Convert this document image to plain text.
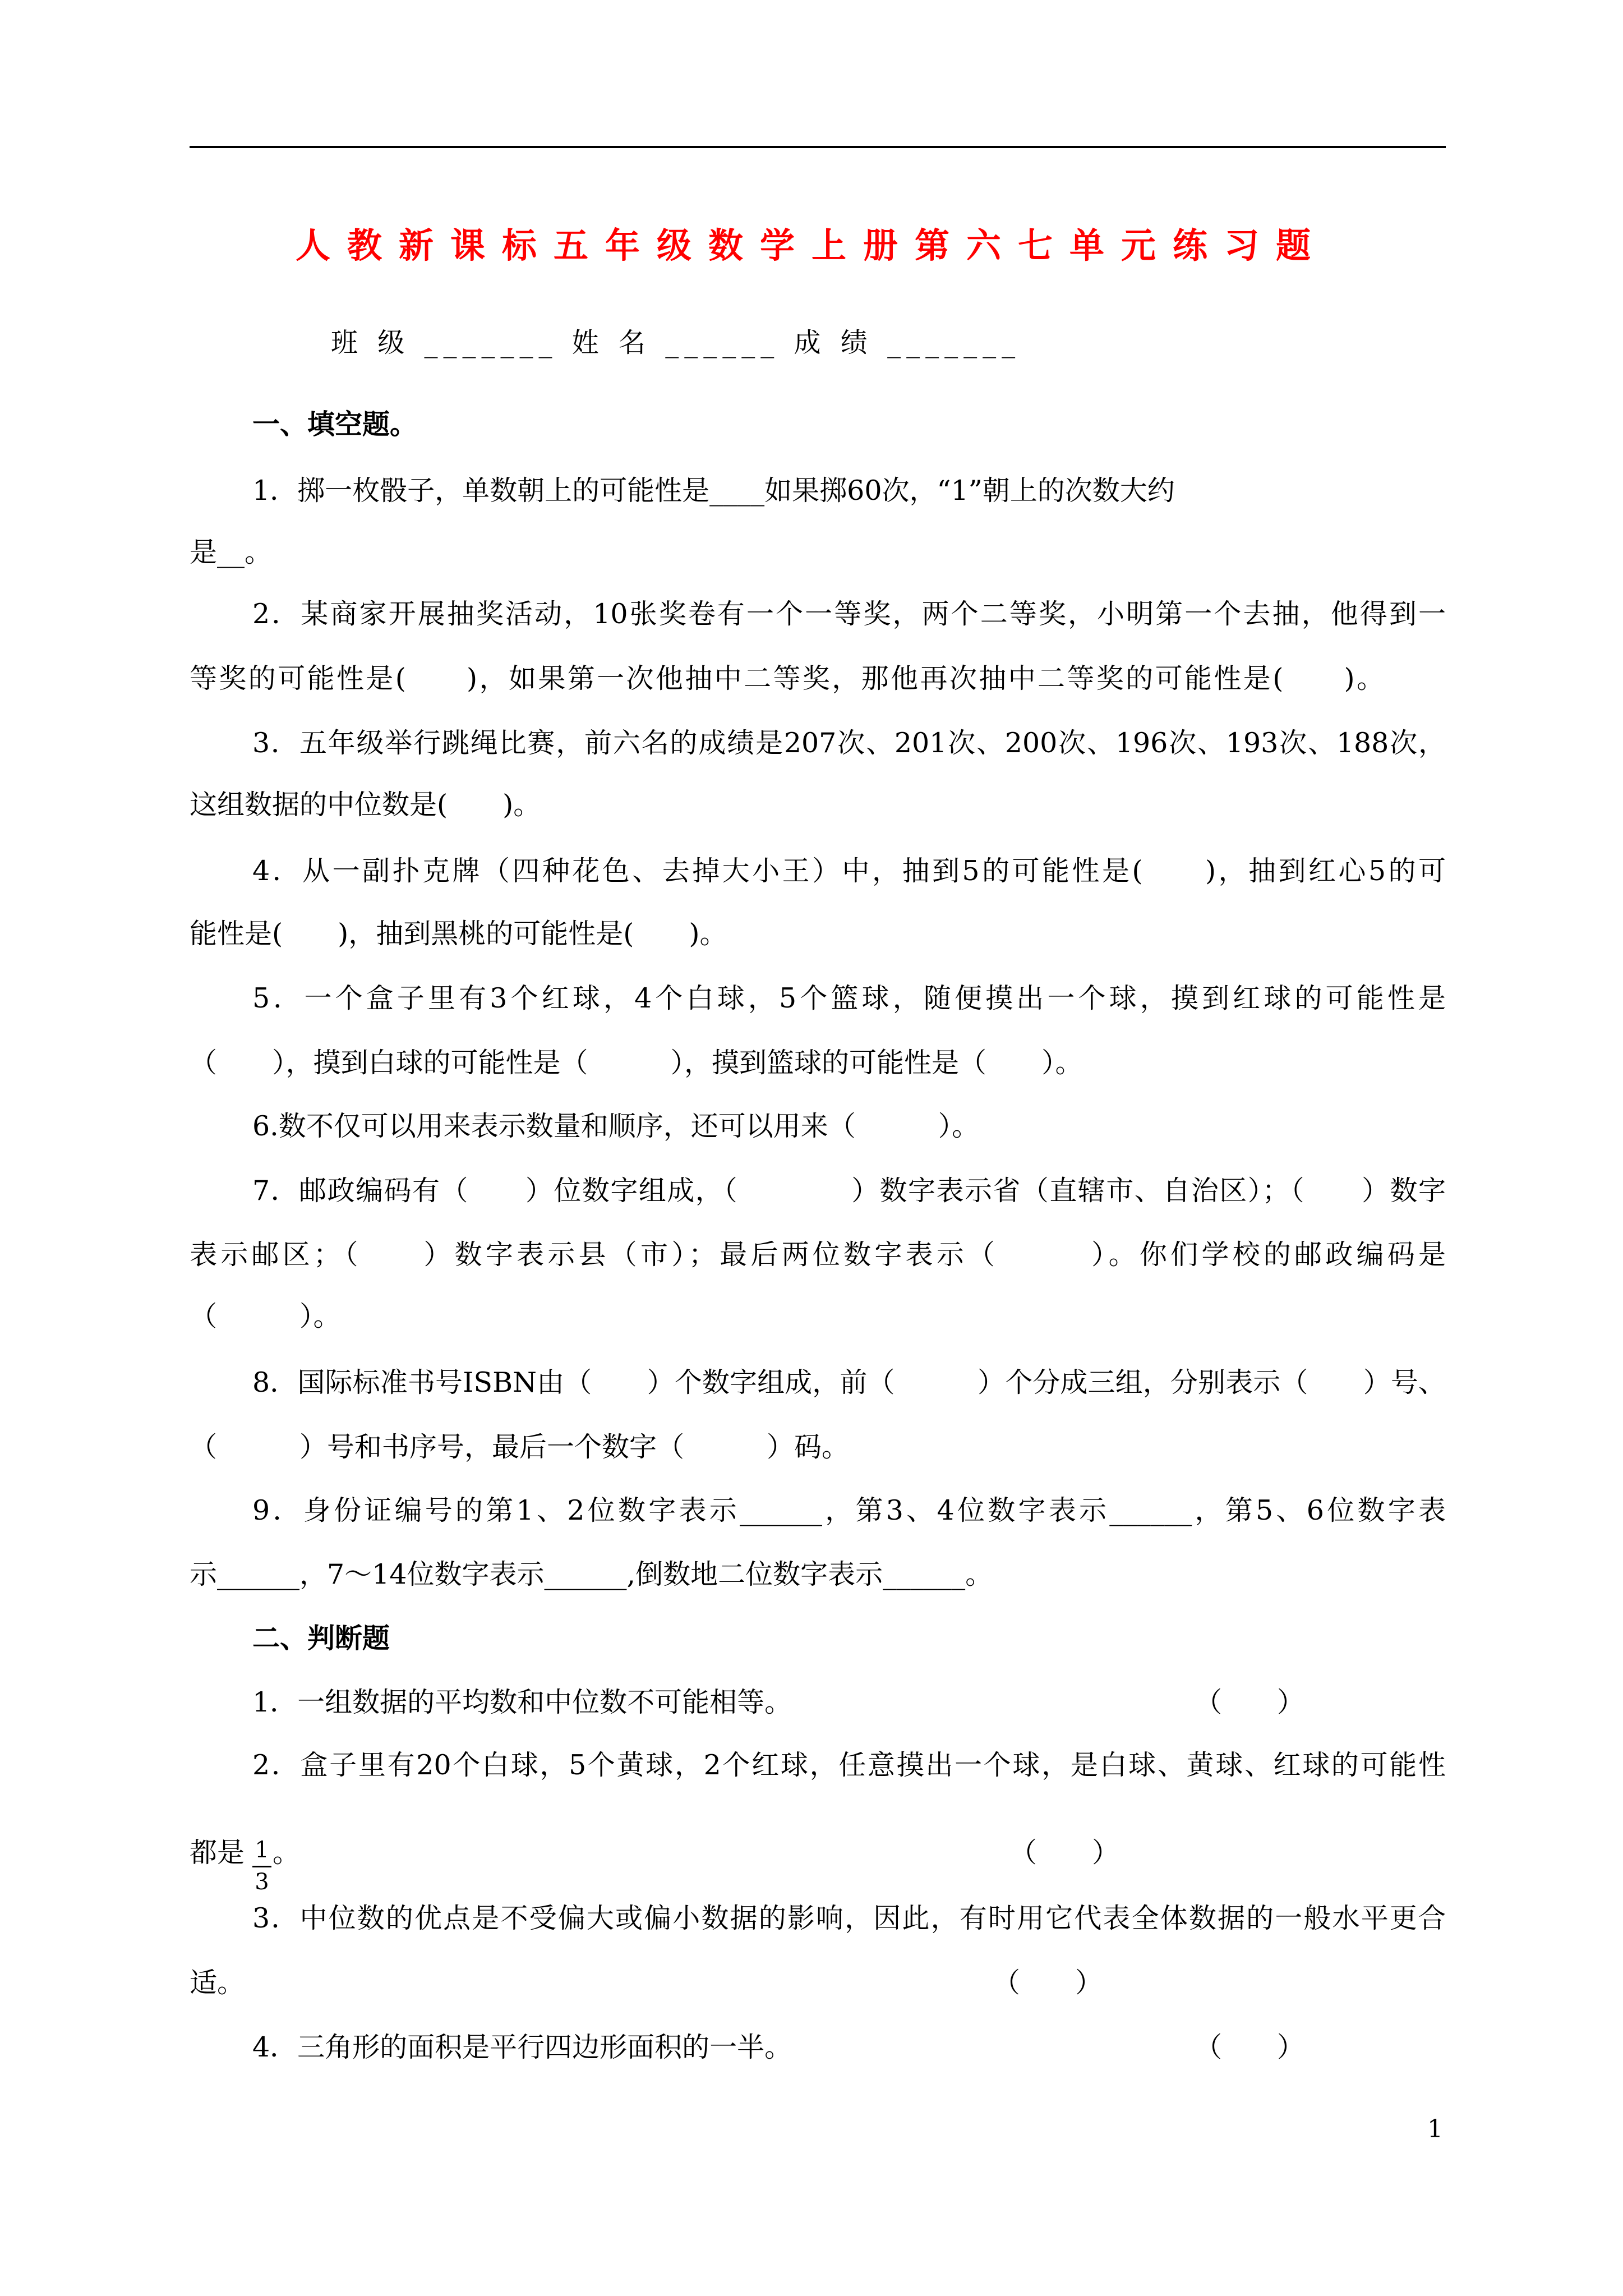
人教新课标五年级数学上册第六七单元练习题
班 级 _______ 姓 名 ______ 成 绩 _______
一、填空题。
1．掷一枚骰子，单数朝上的可能性是____如果掷60次，“1”朝上的次数大约
是__。
2．某商家开展抽奖活动，10张奖卷有一个一等奖，两个二等奖，小明第一个去抽，他得到一
等奖的可能性是(　　)，如果第一次他抽中二等奖，那他再次抽中二等奖的可能性是(　　)。
3．五年级举行跳绳比赛，前六名的成绩是207次、201次、200次、196次、193次、188次，
这组数据的中位数是(　　)。
4．从一副扑克牌（四种花色、去掉大小王）中，抽到5的可能性是(　　)，抽到红心5的可
能性是(　　)，抽到黑桃的可能性是(　　)。
5．一个盒子里有3个红球，4个白球，5个篮球，随便摸出一个球，摸到红球的可能性是
（　　），摸到白球的可能性是（　　　），摸到篮球的可能性是（　　）。
6.数不仅可以用来表示数量和顺序，还可以用来（　　　）。
7．邮政编码有（　　）位数字组成，（　　　　）数字表示省（直辖市、自治区）；（　　）数字
表示邮区；（　　）数字表示县（市）；最后两位数字表示（　　　）。你们学校的邮政编码是
（　　　）。
8．国际标准书号ISBN由（　　）个数字组成，前（　　　）个分成三组，分别表示（　　）号、
（　　　）号和书序号，最后一个数字（　　　）码。
9．身份证编号的第1、2位数字表示______，第3、4位数字表示______，第5、6位数字表
示______，7～14位数字表示______,倒数地二位数字表示______。
二、判断题
1．一组数据的平均数和中位数不可能相等。	（　　）
2．盒子里有20个白球，5个黄球，2个红球，任意摸出一个球，是白球、黄球、红球的可能性
都是 1
3
。	（　　）
3．中位数的优点是不受偏大或偏小数据的影响，因此，有时用它代表全体数据的一般水平更合
适。	（　　）
4．三角形的面积是平行四边形面积的一半。	（　　）
1
